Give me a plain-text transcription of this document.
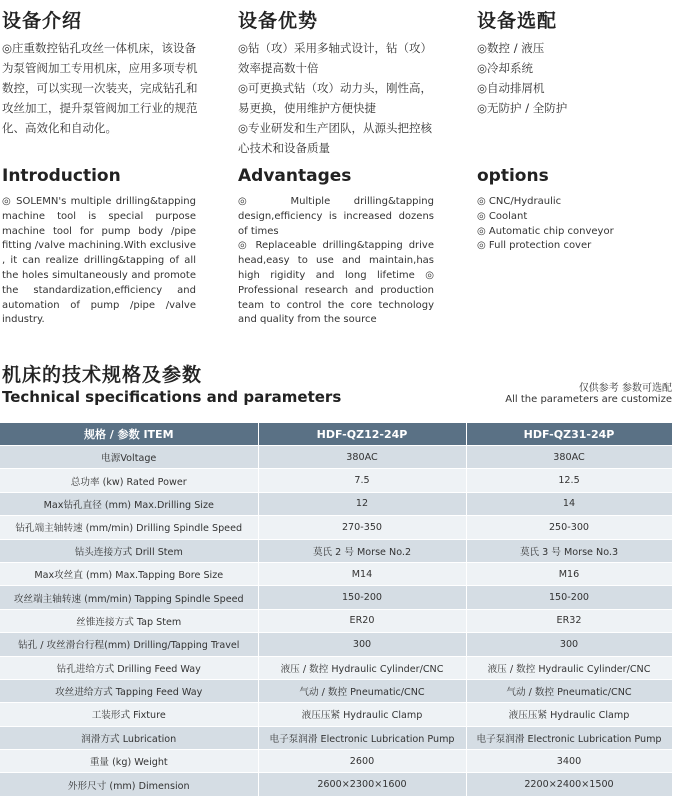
设备介绍
◎庄重数控钻孔攻丝一体机床，该设备为泵管阀加工专用机床，应用多项专机数控，可以实现一次装夹，完成钻孔和攻丝加工，提升泵管阀加工行业的规范化、高效化和自动化。
Introduction
◎ SOLEMN's multiple drilling&tapping machine tool is special purpose machine tool for pump body /pipe fitting /valve machining.With exclusive , it can realize drilling&tapping of all the holes simultaneously and promote the standardization,efficiency and automation of pump /pipe /valve industry.
设备优势
◎钻（攻）采用多轴式设计，钻（攻）效率提高数十倍
◎可更换式钻（攻）动力头，刚性高，易更换，使用维护方便快捷
◎专业研发和生产团队，从源头把控核心技术和设备质量
Advantages
◎ Multiple drilling&tapping design,efficiency is increased dozens of times
◎ Replaceable drilling&tapping drive head,easy to use and maintain,has high rigidity and long lifetime ◎ Professional research and production team to control the core technology and quality from the source
设备选配
◎数控 / 液压
◎冷却系统
◎自动排屑机
◎无防护 / 全防护
options
◎ CNC/Hydraulic
◎ Coolant
◎ Automatic chip conveyor
◎ Full protection cover
机床的技术规格及参数
Technical specifications and parameters	仅供参考 参数可选配
All the parameters are customize
规格 / 参数 ITEM	HDF-QZ12-24P	HDF-QZ31-24P
电源Voltage	380AC	380AC
总功率 (kw) Rated Power	7.5	12.5
Max钻孔直径 (mm) Max.Drilling Size	12	14
钻孔端主轴转速 (mm/min) Drilling Spindle Speed	270-350	250-300
钻头连接方式 Drill Stem	莫氏 2 号 Morse No.2	莫氏 3 号 Morse No.3
Max攻丝直 (mm) Max.Tapping Bore Size	M14	M16
攻丝端主轴转速 (mm/min) Tapping Spindle Speed	150-200	150-200
丝锥连接方式 Tap Stem	ER20	ER32
钻孔 / 攻丝滑台行程(mm) Drilling/Tapping Travel	300	300
钻孔进给方式 Drilling Feed Way	液压 / 数控 Hydraulic Cylinder/CNC	液压 / 数控 Hydraulic Cylinder/CNC
攻丝进给方式 Tapping Feed Way	气动 / 数控 Pneumatic/CNC	气动 / 数控 Pneumatic/CNC
工装形式 Fixture	液压压紧 Hydraulic Clamp	液压压紧 Hydraulic Clamp
润滑方式 Lubrication	电子泵润滑 Electronic Lubrication Pump	电子泵润滑 Electronic Lubrication Pump
重量 (kg) Weight	2600	3400
外形尺寸 (mm) Dimension	2600×2300×1600	2200×2400×1500
